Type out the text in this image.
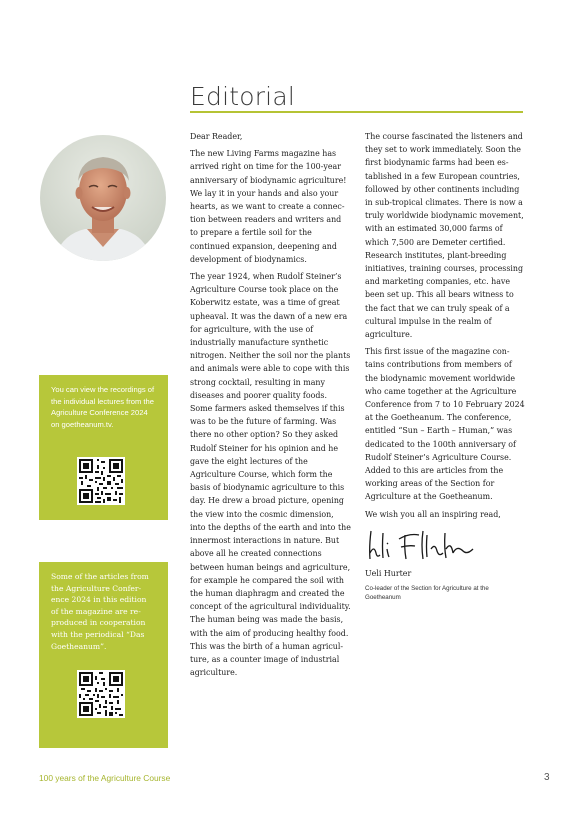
Editorial
You can view the recordings of the individual lectures from the Agriculture Conference 2024 on goetheanum.tv.
Some of the articles from the Agriculture Conference 2024 in this edition of the magazine are reproduced in cooperation with the periodical “Das Goetheanum”.

Dear Reader,

The new Living Farms magazine has arrived right on time for the 100-year anniversary of biodynamic agriculture! We lay it in your hands and also your hearts, as we want to create a connection between readers and writers and to prepare a fertile soil for the continued expansion, deepening and development of biodynamics.

The year 1924, when Rudolf Steiner’s Agriculture Course took place on the Koberwitz estate, was a time of great upheaval. It was the dawn of a new era for agriculture, with the use of industrially manufacture synthetic nitrogen. Neither the soil nor the plants and animals were able to cope with this strong cocktail, resulting in many diseases and poorer quality foods. Some farmers asked themselves if this was to be the future of farming. Was there no other option? So they asked Rudolf Steiner for his opinion and he gave the eight lectures of the Agriculture Course, which form the basis of biodynamic agriculture to this day. He drew a broad picture, opening the view into the cosmic dimension, into the depths of the earth and into the innermost interactions in nature. But above all he created connections between human beings and agriculture, for example he compared the soil with the human diaphragm and created the concept of the agricultural individuality. The human being was made the basis, with the aim of producing healthy food. This was the birth of a human agriculture, as a counter image of industrial agriculture.

The course fascinated the listeners and they set to work immediately. Soon the first biodynamic farms had been established in a few European countries, followed by other continents including in sub-tropical climates. There is now a truly worldwide biodynamic movement, with an estimated 30,000 farms of which 7,500 are Demeter certified. Research institutes, plant-breeding initiatives, training courses, processing and marketing companies, etc. have been set up. This all bears witness to the fact that we can truly speak of a cultural impulse in the realm of agriculture.

This first issue of the magazine contains contributions from members of the biodynamic movement worldwide who came together at the Agriculture Conference from 7 to 10 February 2024 at the Goetheanum. The conference, entitled “Sun – Earth – Human,” was dedicated to the 100th anniversary of Rudolf Steiner’s Agriculture Course. Added to this are articles from the working areas of the Section for Agriculture at the Goetheanum.

We wish you all an inspiring read,

Ueli Hurter

Co-leader of the Section for Agriculture at the Goetheanum

100 years of the Agriculture Course	3
